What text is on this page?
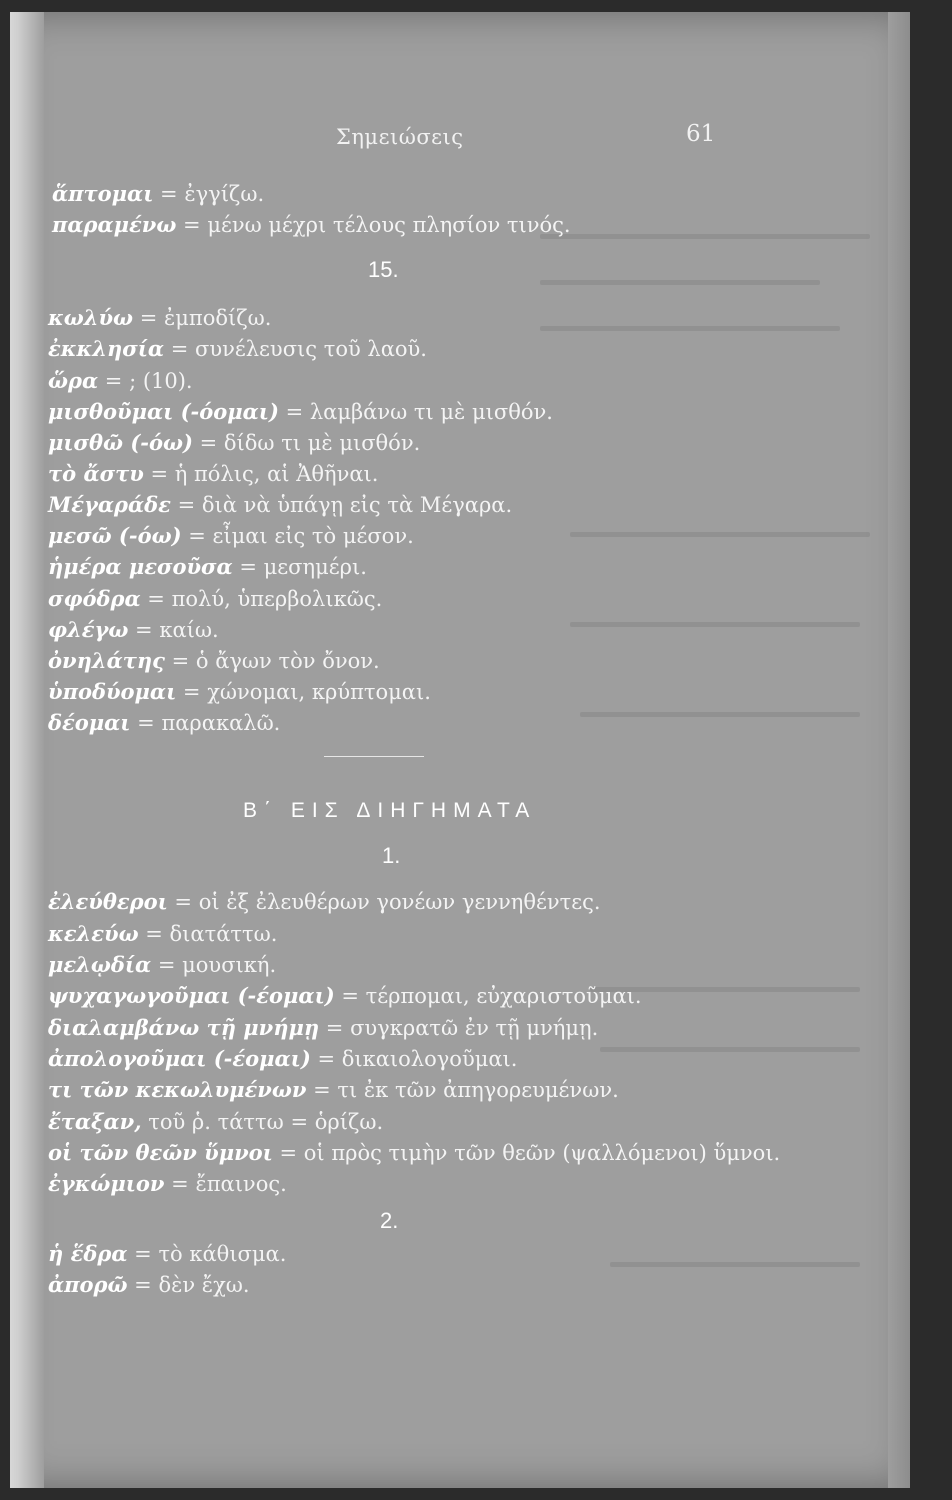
Σημειώσεις	61
ἅπτομαι = ἐγγίζω.
παραμένω = μένω μέχρι τέλους πλησίον τινός.
15.
κωλύω = ἐμποδίζω.
ἐκκλησία = συνέλευσις τοῦ λαοῦ.
ὥρα = ; (10).
μισθοῦμαι (-όομαι) = λαμβάνω τι μὲ μισθόν.
μισθῶ (-όω) = δίδω τι μὲ μισθόν.
τὸ ἄστυ = ἡ πόλις, αἱ Ἀθῆναι.
Μέγαράδε = διὰ νὰ ὑπάγῃ εἰς τὰ Μέγαρα.
μεσῶ (-όω) = εἶμαι εἰς τὸ μέσον.
ἡμέρα μεσοῦσα = μεσημέρι.
σφόδρα = πολύ, ὑπερβολικῶς.
φλέγω = καίω.
ὀνηλάτης = ὁ ἄγων τὸν ὄνον.
ὑποδύομαι = χώνομαι, κρύπτομαι.
δέομαι = παρακαλῶ.
Β΄ ΕΙΣ ΔΙΗΓΗΜΑΤΑ
1.
ἐλεύθεροι = οἱ ἐξ ἐλευθέρων γονέων γεννηθέντες.
κελεύω = διατάττω.
μελῳδία = μουσική.
ψυχαγωγοῦμαι (-έομαι) = τέρπομαι, εὐχαριστοῦμαι.
διαλαμβάνω τῇ μνήμῃ = συγκρατῶ ἐν τῇ μνήμῃ.
ἀπολογοῦμαι (-έομαι) = δικαιολογοῦμαι.
τι τῶν κεκωλυμένων = τι ἐκ τῶν ἀπηγορευμένων.
ἔταξαν, τοῦ ῥ. τάττω = ὁρίζω.
οἱ τῶν θεῶν ὕμνοι = οἱ πρὸς τιμὴν τῶν θεῶν (ψαλλόμενοι) ὕμνοι.
ἐγκώμιον = ἔπαινος.
2.
ἡ ἕδρα = τὸ κάθισμα.
ἀπορῶ = δὲν ἔχω.
